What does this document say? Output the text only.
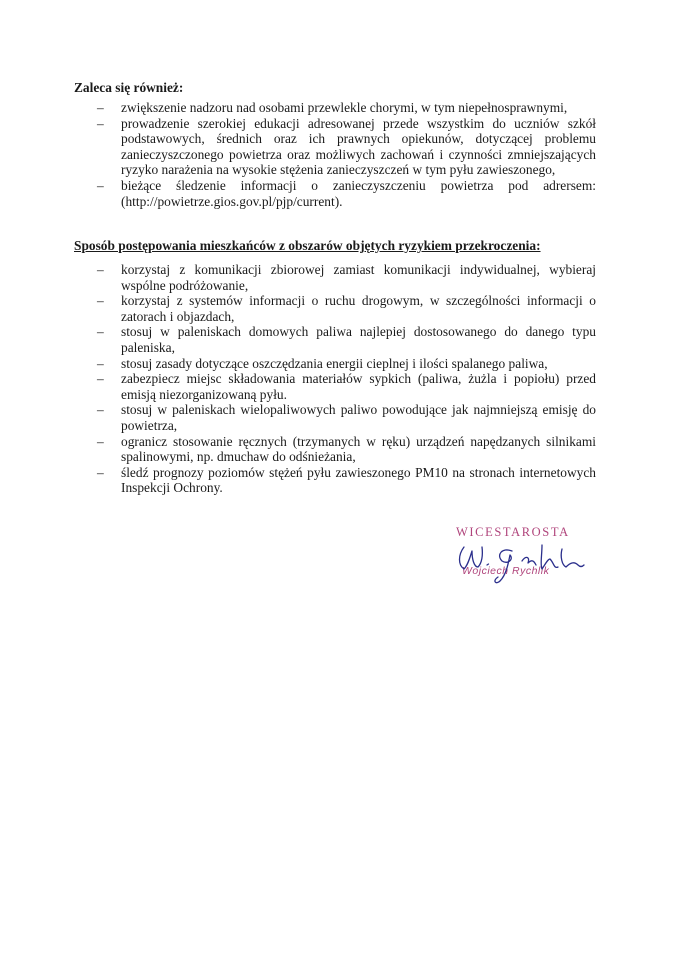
Zaleca się również:
– zwiększenie nadzoru nad osobami przewlekle chorymi, w tym niepełnosprawnymi,
– prowadzenie szerokiej edukacji adresowanej przede wszystkim do uczniów szkół podstawowych, średnich oraz ich prawnych opiekunów, dotyczącej problemu zanieczyszczonego powietrza oraz możliwych zachowań i czynności zmniejszających ryzyko narażenia na wysokie stężenia zanieczyszczeń w tym pyłu zawieszonego,
– bieżące śledzenie informacji o zanieczyszczeniu powietrza pod adrersem: (http://powietrze.gios.gov.pl/pjp/current).
Sposób postępowania mieszkańców z obszarów objętych ryzykiem przekroczenia:
– korzystaj z komunikacji zbiorowej zamiast komunikacji indywidualnej, wybieraj wspólne podróżowanie,
– korzystaj z systemów informacji o ruchu drogowym, w szczególności informacji o zatorach i objazdach,
– stosuj w paleniskach domowych paliwa najlepiej dostosowanego do danego typu paleniska,
– stosuj zasady dotyczące oszczędzania energii cieplnej i ilości spalanego paliwa,
– zabezpiecz miejsc składowania materiałów sypkich (paliwa, żużla i popiołu) przed emisją niezorganizowaną pyłu.
– stosuj w paleniskach wielopaliwowych paliwo powodujące jak najmniejszą emisję do powietrza,
– ogranicz stosowanie ręcznych (trzymanych w ręku) urządzeń napędzanych silnikami spalinowymi, np. dmuchaw do odśnieżania,
– śledź prognozy poziomów stężeń pyłu zawieszonego PM10 na stronach internetowych Inspekcji Ochrony.
WICESTAROSTA
Wojciech Rychlik
